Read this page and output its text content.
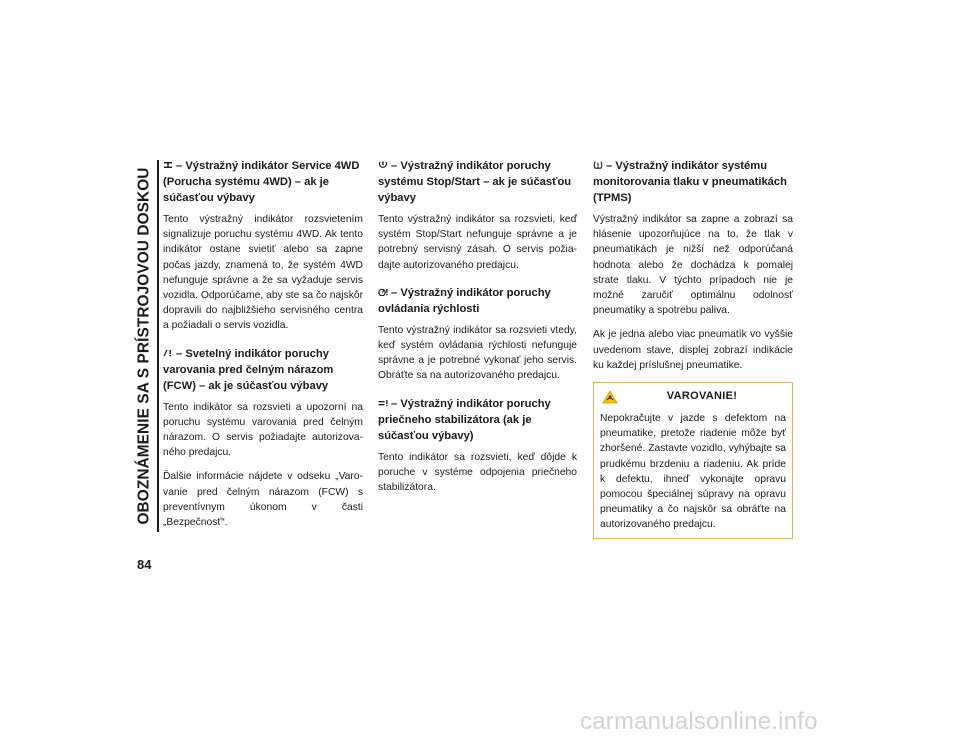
OBOZNÁMENIE SA S PRÍSTROJOVOU DOSKOU
84
– Výstražný indikátor Service 4WD (Porucha systému 4WD) – ak je súčasťou výbavy

Tento výstražný indikátor rozsvietením signalizuje poruchu systému 4WD. Ak tento indikátor ostane svietiť alebo sa zapne počas jazdy, znamená to, že systém 4WD nefunguje správne a že sa vyžaduje servis vozidla. Odporúčame, aby ste sa čo najskôr dopravili do najbližšieho servisného centra a požiadali o servis vozidla.

– Svetelný indikátor poruchy varovania pred čelným nárazom (FCW) – ak je súčasťou výbavy

Tento indikátor sa rozsvieti a upozorní na poruchu systému varovania pred čelným nárazom. O servis požiadajte autorizova-ného predajcu.

Ďalšie informácie nájdete v odseku „Varo-vanie pred čelným nárazom (FCW) s preventívnym úkonom v časti „Bezpečnosť“.

– Výstražný indikátor poruchy systému Stop/Start – ak je súčasťou výbavy

Tento výstražný indikátor sa rozsvieti, keď systém Stop/Start nefunguje správne a je potrebný servisný zásah. O servis požia-dajte autorizovaného predajcu.

– Výstražný indikátor poruchy ovládania rýchlosti

Tento výstražný indikátor sa rozsvieti vtedy, keď systém ovládania rýchlosti nefunguje správne a je potrebné vykonať jeho servis. Obráťte sa na autorizovaného predajcu.

– Výstražný indikátor poruchy priečneho stabilizátora (ak je súčasťou výbavy)

Tento indikátor sa rozsvieti, keď dôjde k poruche v systéme odpojenia priečneho stabilizátora.

– Výstražný indikátor systému monitorovania tlaku v pneumatikách (TPMS)

Výstražný indikátor sa zapne a zobrazí sa hlásenie upozorňujúce na to, že tlak v pneumatikách je nižší než odporúčaná hodnota alebo že dochádza k pomalej strate tlaku. V týchto prípadoch nie je možné zaručiť optimálnu odolnosť pneumatiky a spotrebu paliva.

Ak je jedna alebo viac pneumatík vo vyššie uvedenom stave, displej zobrazí indikácie ku každej príslušnej pneumatike.

VAROVANIE!

Nepokračujte v jazde s defektom na pneumatike, pretože riadenie môže byť zhoršené. Zastavte vozidlo, vyhýbajte sa prudkému brzdeniu a riadeniu. Ak príde k defektu, ihneď vykonajte opravu pomocou špeciálnej súpravy na opravu pneumatiky a čo najskôr sa obráťte na autorizovaného predajcu.

carmanualsonline.info
